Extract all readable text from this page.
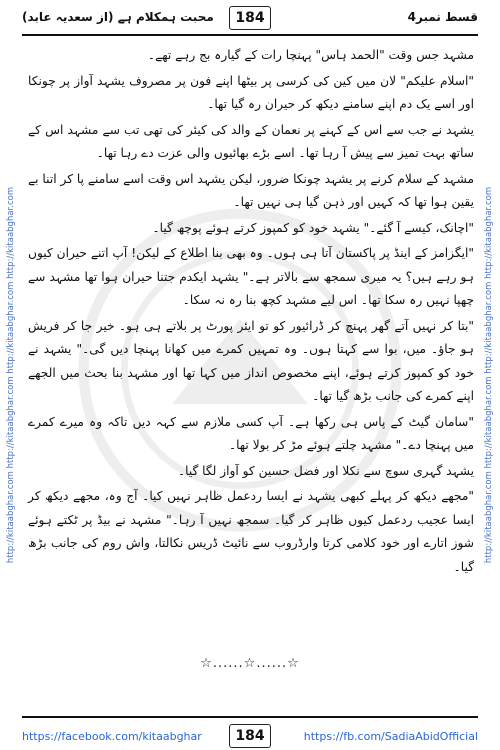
محبت ہمکلام ہے (از سعدیہ عابد)	184	قسط نمبر4
http://kitaabghar.com http://kitaabghar.com http://kitaabghar.com http://kitaabghar.com	http://kitaabghar.com http://kitaabghar.com http://kitaabghar.com http://kitaabghar.com

مشہد جس وقت "الحمد ہاس" پہنچا رات کے گیارہ بج رہے تھے۔

"اسلام علیکم" لان میں کین کی کرسی پر بیٹھا اپنے فون پر مصروف یشہد آواز پر چونکا اور اسے یک دم اپنے سامنے دیکھ کر حیران رہ گیا تھا۔

یشہد نے جب سے اس کے کہنے پر نعمان کے والد کی کیئر کی تھی تب سے مشہد اس کے ساتھ بہت تمیز سے پیش آ رہا تھا۔ اسے بڑے بھائیوں والی عزت دے رہا تھا۔

مشہد کے سلام کرنے پر یشہد چونکا ضرور، لیکن یشہد اس وقت اسے سامنے پا کر اتنا بے یقین ہوا تھا کہ کہیں اور ذہن گیا ہی نہیں تھا۔

"اچانک، کیسے آ گئے۔" یشہد خود کو کمپوز کرتے ہوئے پوچھ گیا۔

"ایگزامز کے اینڈ پر پاکستان آتا ہی ہوں۔ وہ بھی بنا اطلاع کے لیکن! آپ اتنے حیران کیوں ہو رہے ہیں؟ یہ میری سمجھ سے بالاتر ہے۔" یشہد ایکدم جتنا حیران ہوا تھا مشہد سے چھپا نہیں رہ سکا تھا۔ اس لیے مشہد کچھ بنا رہ نہ سکا۔

"بتا کر نہیں آتے گھر پہنچ کر ڈرائیور کو تو ایئر پورٹ پر بلاتے ہی ہو۔ خیر جا کر فریش ہو جاؤ۔ میں، بوا سے کہتا ہوں۔ وہ تمہیں کمرے میں کھانا پہنچا دیں گی۔" یشہد نے خود کو کمپوز کرتے ہوئے، اپنے مخصوص انداز میں کہا تھا اور مشہد بنا بحث میں الجھے اپنے کمرے کی جانب بڑھ گیا تھا۔

"سامان گیٹ کے پاس ہی رکھا ہے۔ آپ کسی ملازم سے کہہ دیں تاکہ وہ میرے کمرے میں پہنچا دے۔" مشہد چلتے ہوئے مڑ کر بولا تھا۔

یشہد گہری سوچ سے نکلا اور فضل حسین کو آواز لگا گیا۔

"مجھے دیکھ کر پہلے کبھی یشہد نے ایسا ردعمل ظاہر نہیں کیا۔ آج وہ، مجھے دیکھ کر ایسا عجیب ردعمل کیوں ظاہر کر گیا۔ سمجھ نہیں آ رہا۔" مشہد نے بیڈ پر ٹکتے ہوئے شوز اتارے اور خود کلامی کرتا وارڈروب سے نائیٹ ڈریس نکالتا، واش روم کی جانب بڑھ گیا۔

☆......☆......☆
https://facebook.com/kitaabghar	184	https://fb.com/SadiaAbidOfficial
